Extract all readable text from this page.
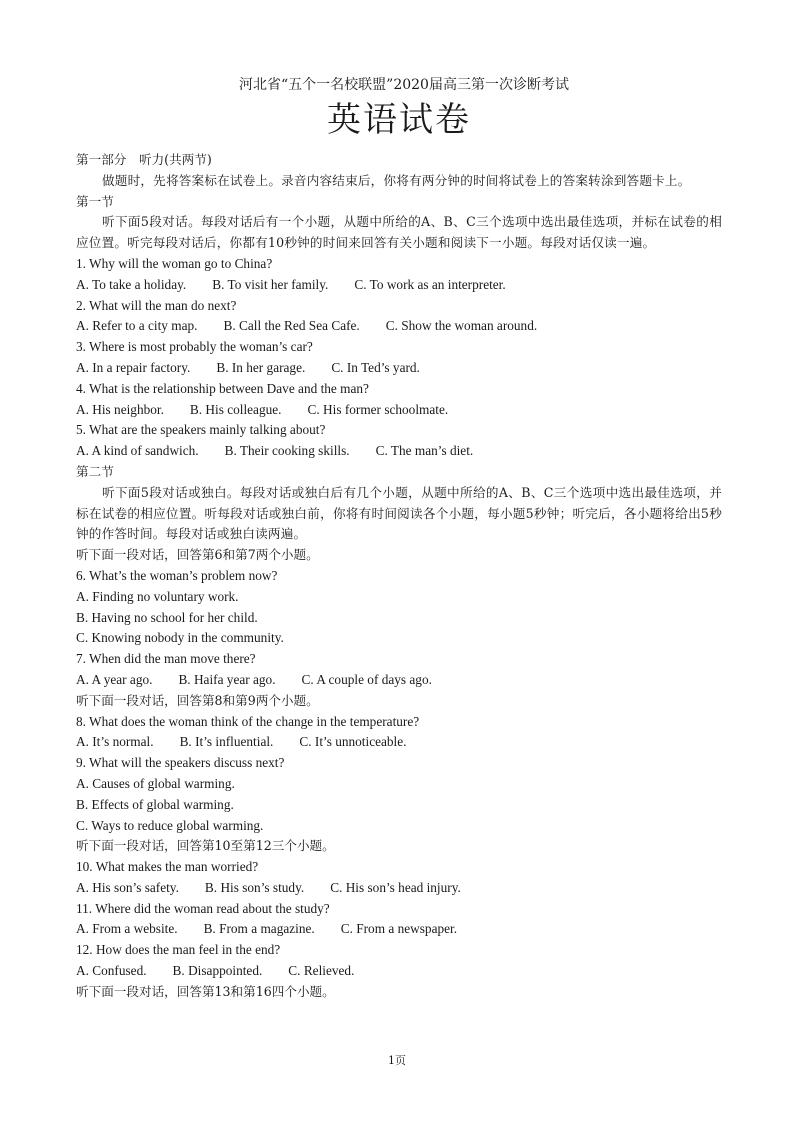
河北省“五个一名校联盟”2020届高三第一次诊断考试
英语试卷
第一部分　听力(共两节)
做题时，先将答案标在试卷上。录音内容结束后，你将有两分钟的时间将试卷上的答案转涂到答题卡上。
第一节
听下面5段对话。每段对话后有一个小题，从题中所给的A、B、C三个选项中选出最佳选项，并标在试卷的相应位置。听完每段对话后，你都有10秒钟的时间来回答有关小题和阅读下一小题。每段对话仅读一遍。
1. Why will the woman go to China?
A. To take a holiday. B. To visit her family. C. To work as an interpreter.
2. What will the man do next?
A. Refer to a city map. B. Call the Red Sea Cafe. C. Show the woman around.
3. Where is most probably the woman’s car?
A. In a repair factory. B. In her garage. C. In Ted’s yard.
4. What is the relationship between Dave and the man?
A. His neighbor. B. His colleague. C. His former schoolmate.
5. What are the speakers mainly talking about?
A. A kind of sandwich. B. Their cooking skills. C. The man’s diet.
第二节
听下面5段对话或独白。每段对话或独白后有几个小题，从题中所给的A、B、C三个选项中选出最佳选项，并标在试卷的相应位置。听每段对话或独白前，你将有时间阅读各个小题，每小题5秒钟；听完后，各小题将给出5秒钟的作答时间。每段对话或独白读两遍。
听下面一段对话，回答第6和第7两个小题。
6. What’s the woman’s problem now?
A. Finding no voluntary work.
B. Having no school for her child.
C. Knowing nobody in the community.
7. When did the man move there?
A. A year ago. B. Haifa year ago. C. A couple of days ago.
听下面一段对话，回答第8和第9两个小题。
8. What does the woman think of the change in the temperature?
A. It’s normal. B. It’s influential. C. It’s unnoticeable.
9. What will the speakers discuss next?
A. Causes of global warming.
B. Effects of global warming.
C. Ways to reduce global warming.
听下面一段对话，回答第10至第12三个小题。
10. What makes the man worried?
A. His son’s safety. B. His son’s study. C. His son’s head injury.
11. Where did the woman read about the study?
A. From a website. B. From a magazine. C. From a newspaper.
12. How does the man feel in the end?
A. Confused. B. Disappointed. C. Relieved.
听下面一段对话，回答第13和第16四个小题。
1页
